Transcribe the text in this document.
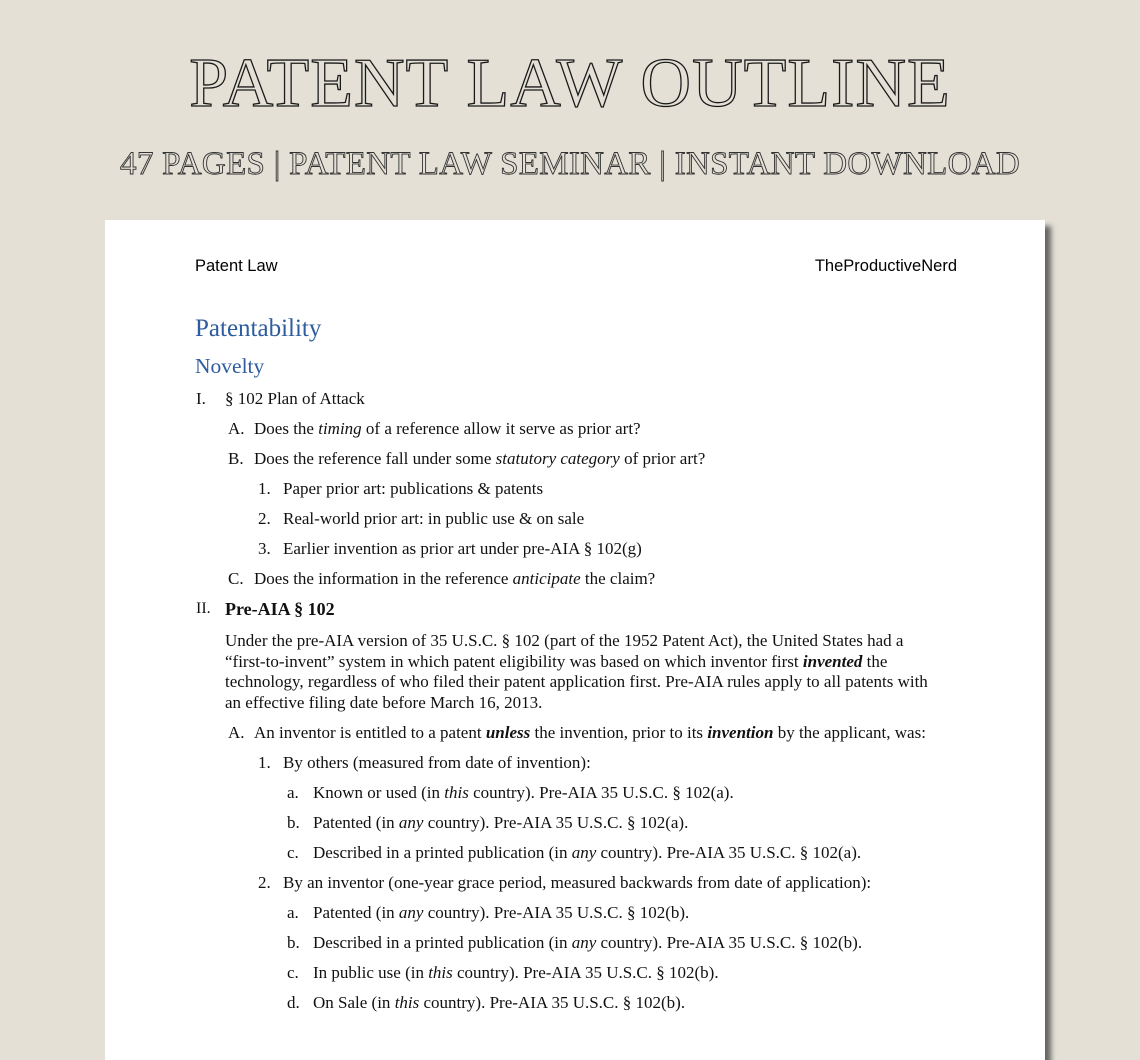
PATENT LAW OUTLINE
47 PAGES | PATENT LAW SEMINAR | INSTANT DOWNLOAD
Patent Law	TheProductiveNerd
Patentability
Novelty
I. § 102 Plan of Attack
A. Does the timing of a reference allow it serve as prior art?
B. Does the reference fall under some statutory category of prior art?
1. Paper prior art: publications & patents
2. Real-world prior art: in public use & on sale
3. Earlier invention as prior art under pre-AIA § 102(g)
C. Does the information in the reference anticipate the claim?
II. Pre-AIA § 102
Under the pre-AIA version of 35 U.S.C. § 102 (part of the 1952 Patent Act), the United States had a “first-to-invent” system in which patent eligibility was based on which inventor first invented the technology, regardless of who filed their patent application first. Pre-AIA rules apply to all patents with an effective filing date before March 16, 2013.
A. An inventor is entitled to a patent unless the invention, prior to its invention by the applicant, was:
1. By others (measured from date of invention):
a. Known or used (in this country). Pre-AIA 35 U.S.C. § 102(a).
b. Patented (in any country). Pre-AIA 35 U.S.C. § 102(a).
c. Described in a printed publication (in any country). Pre-AIA 35 U.S.C. § 102(a).
2. By an inventor (one-year grace period, measured backwards from date of application):
a. Patented (in any country). Pre-AIA 35 U.S.C. § 102(b).
b. Described in a printed publication (in any country). Pre-AIA 35 U.S.C. § 102(b).
c. In public use (in this country). Pre-AIA 35 U.S.C. § 102(b).
d. On Sale (in this country). Pre-AIA 35 U.S.C. § 102(b).
